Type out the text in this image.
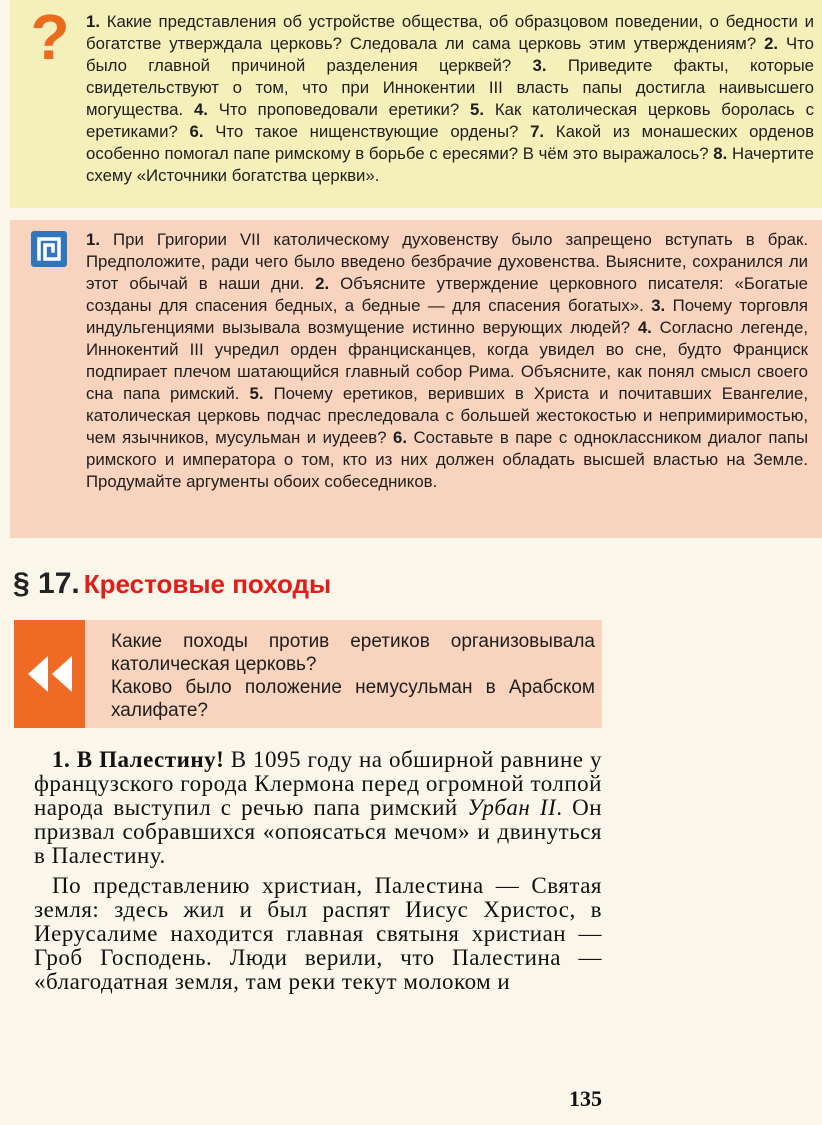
? 1. Какие представления об устройстве общества, об образцовом поведении, о бедности и богатстве утверждала церковь? Следовала ли сама церковь этим утверждениям? 2. Что было главной причиной разделения церквей? 3. Приведите факты, которые свидетельствуют о том, что при Иннокентии III власть папы достигла наивысшего могущества. 4. Что проповедовали еретики? 5. Как католическая церковь боролась с еретиками? 6. Что такое нищенствующие ордены? 7. Какой из монашеских орденов особенно помогал папе римскому в борьбе с ересями? В чём это выражалось? 8. Начертите схему «Источники богатства церкви».
1. При Григории VII католическому духовенству было запрещено вступать в брак. Предположите, ради чего было введено безбрачие духовенства. Выясните, сохранился ли этот обычай в наши дни. 2. Объясните утверждение церковного писателя: «Богатые созданы для спасения бедных, а бедные — для спасения богатых». 3. Почему торговля индульгенциями вызывала возмущение истинно верующих людей? 4. Согласно легенде, Иннокентий III учредил орден францисканцев, когда увидел во сне, будто Франциск подпирает плечом шатающийся главный собор Рима. Объясните, как понял смысл своего сна папа римский. 5. Почему еретиков, веривших в Христа и почитавших Евангелие, католическая церковь подчас преследовала с большей жестокостью и непримиримостью, чем язычников, мусульман и иудеев? 6. Составьте в паре с одноклассником диалог папы римского и императора о том, кто из них должен обладать высшей властью на Земле. Продумайте аргументы обоих собеседников.
§ 17. Крестовые походы

Какие походы против еретиков организовывала католическая церковь?

Каково было положение немусульман в Арабском халифате?

1. В Палестину! В 1095 году на обширной равнине у французского города Клермона перед огромной толпой народа выступил с речью папа римский Урбан II. Он призвал собравшихся «опоясаться мечом» и двинуться в Палестину.

По представлению христиан, Палестина — Святая земля: здесь жил и был распят Иисус Христос, в Иерусалиме находится главная святыня христиан — Гроб Господень. Люди верили, что Палестина — «благодатная земля, там реки текут молоком и

135
